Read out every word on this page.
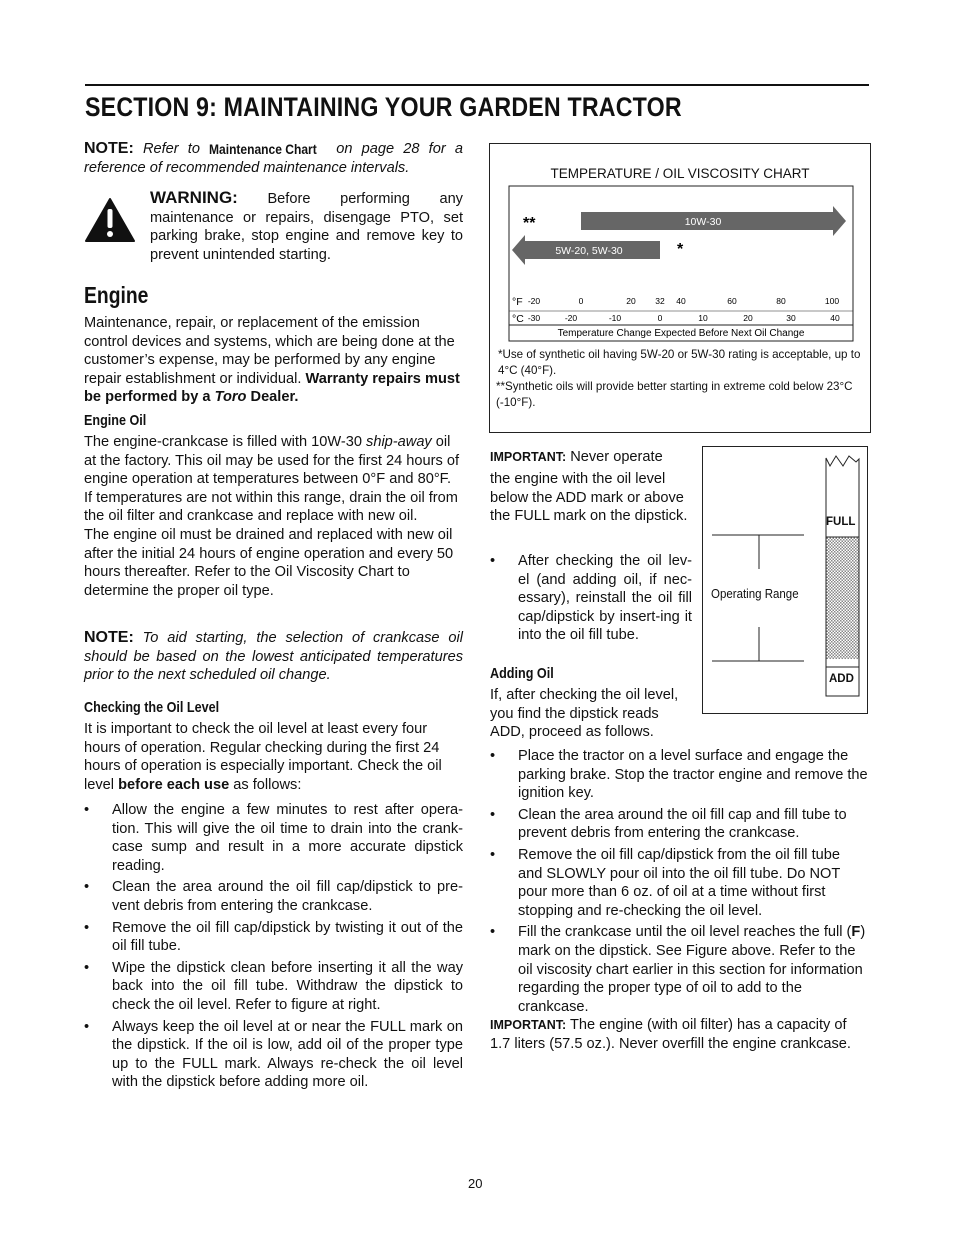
SECTION 9: MAINTAINING YOUR GARDEN TRACTOR
NOTE: Refer to Maintenance Chart on page 28 for a reference of recommended maintenance intervals.
WARNING: Before performing any maintenance or repairs, disengage PTO, set parking brake, stop engine and remove key to prevent unintended starting.
Engine
Maintenance, repair, or replacement of the emission control devices and systems, which are being done at the customer’s expense, may be performed by any engine repair establishment or individual. Warranty repairs must be performed by a Toro Dealer.
Engine Oil
The engine-crankcase is filled with 10W-30 ship-away oil at the factory. This oil may be used for the first 24 hours of engine operation at temperatures between 0°F and 80°F. If temperatures are not within this range, drain the oil from the oil filter and crankcase and replace with new oil.
The engine oil must be drained and replaced with new oil after the initial 24 hours of engine operation and every 50 hours thereafter. Refer to the Oil Viscosity Chart to determine the proper oil type.
NOTE: To aid starting, the selection of crankcase oil should be based on the lowest anticipated temperatures prior to the next scheduled oil change.
Checking the Oil Level
It is important to check the oil level at least every four hours of operation. Regular checking during the first 24 hours of operation is especially important. Check the oil level before each use as follows:
• Allow the engine a few minutes to rest after opera-tion. This will give the oil time to drain into the crank-case sump and result in a more accurate dipstick reading.
• Clean the area around the oil fill cap/dipstick to pre-vent debris from entering the crankcase.
• Remove the oil fill cap/dipstick by twisting it out of the oil fill tube.
• Wipe the dipstick clean before inserting it all the way back into the oil fill tube. Withdraw the dipstick to check the oil level. Refer to figure at right.
• Always keep the oil level at or near the FULL mark on the dipstick. If the oil is low, add oil of the proper type up to the FULL mark. Always re-check the oil level with the dipstick before adding more oil.
TEMPERATURE / OIL VISCOSITY CHART
10W-30
5W-20, 5W-30
**
*
°F
°C
-20	0	20 32 40	60	80	100
-30	-20	-10	0	10	20	30	40
Temperature Change Expected Before Next Oil Change
*Use of synthetic oil having 5W-20 or 5W-30 rating is acceptable, up to 4°C (40°F).
**Synthetic oils will provide better starting in extreme cold below 23°C (-10°F).
IMPORTANT: Never operate
the engine with the oil level below the ADD mark or above the FULL mark on the dipstick.
• After checking the oil lev-el (and adding oil, if nec-essary), reinstall the oil fill cap/dipstick by insert-ing it into the oil fill tube.
FULL
ADD
Operating Range
Adding Oil
If, after checking the oil level, you find the dipstick reads ADD, proceed as follows.
• Place the tractor on a level surface and engage the parking brake. Stop the tractor engine and remove the ignition key.
• Clean the area around the oil fill cap and fill tube to prevent debris from entering the crankcase.
• Remove the oil fill cap/dipstick from the oil fill tube and SLOWLY pour oil into the oil fill tube. Do NOT pour more than 6 oz. of oil at a time without first stopping and re-checking the oil level.
• Fill the crankcase until the oil level reaches the full (F) mark on the dipstick. See Figure above. Refer to the oil viscosity chart earlier in this section for information regarding the proper type of oil to add to the crankcase.
IMPORTANT: The engine (with oil filter) has a capacity of 1.7 liters (57.5 oz.). Never overfill the engine crankcase.
20
